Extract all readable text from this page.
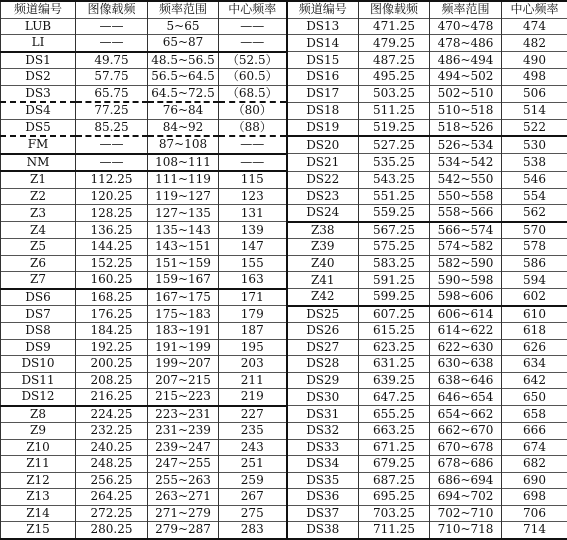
频道编号	图像载频	频率范围	中心频率	频道编号	图像载频	频率范围	中心频率
LUB	——	5~65	——	DS13	471.25	470~478	474
LI	——	65~87	——	DS14	479.25	478~486	482
DS1	49.75	48.5~56.5	（52.5）	DS15	487.25	486~494	490
DS2	57.75	56.5~64.5	（60.5）	DS16	495.25	494~502	498
DS3	65.75	64.5~72.5	（68.5）	DS17	503.25	502~510	506
DS4	77.25	76~84	（80）	DS18	511.25	510~518	514
DS5	85.25	84~92	（88）	DS19	519.25	518~526	522
FM	——	87~108	——	DS20	527.25	526~534	530
NM	——	108~111	——	DS21	535.25	534~542	538
Z1	112.25	111~119	115	DS22	543.25	542~550	546
Z2	120.25	119~127	123	DS23	551.25	550~558	554
Z3	128.25	127~135	131	DS24	559.25	558~566	562
Z4	136.25	135~143	139	Z38	567.25	566~574	570
Z5	144.25	143~151	147	Z39	575.25	574~582	578
Z6	152.25	151~159	155	Z40	583.25	582~590	586
Z7	160.25	159~167	163	Z41	591.25	590~598	594
DS6	168.25	167~175	171	Z42	599.25	598~606	602
DS7	176.25	175~183	179	DS25	607.25	606~614	610
DS8	184.25	183~191	187	DS26	615.25	614~622	618
DS9	192.25	191~199	195	DS27	623.25	622~630	626
DS10	200.25	199~207	203	DS28	631.25	630~638	634
DS11	208.25	207~215	211	DS29	639.25	638~646	642
DS12	216.25	215~223	219	DS30	647.25	646~654	650
Z8	224.25	223~231	227	DS31	655.25	654~662	658
Z9	232.25	231~239	235	DS32	663.25	662~670	666
Z10	240.25	239~247	243	DS33	671.25	670~678	674
Z11	248.25	247~255	251	DS34	679.25	678~686	682
Z12	256.25	255~263	259	DS35	687.25	686~694	690
Z13	264.25	263~271	267	DS36	695.25	694~702	698
Z14	272.25	271~279	275	DS37	703.25	702~710	706
Z15	280.25	279~287	283	DS38	711.25	710~718	714
